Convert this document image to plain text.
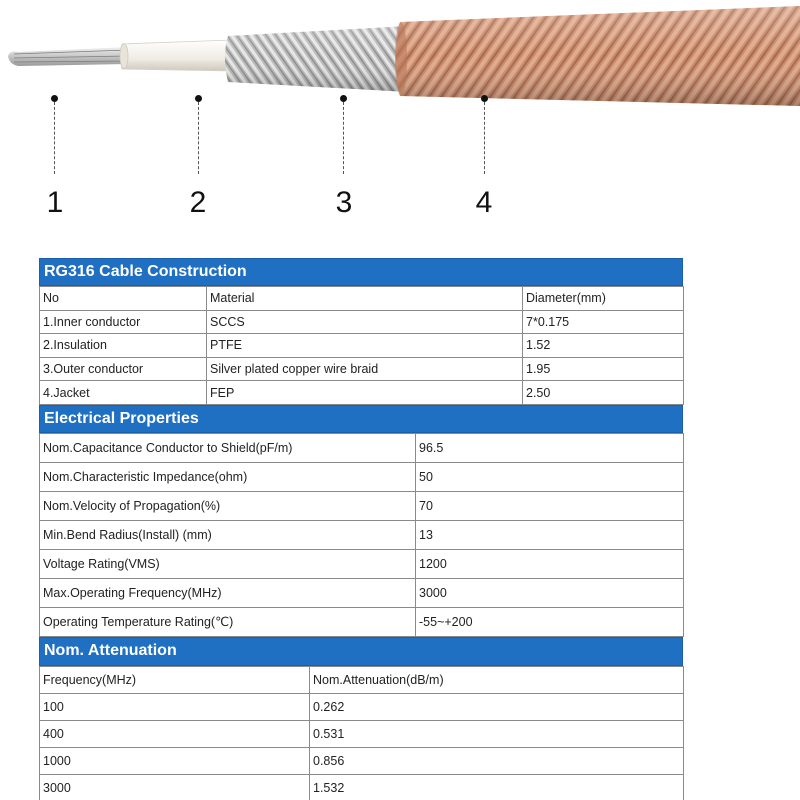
1	2	3	4
RG316 Cable Construction
No	Material	Diameter(mm)
1.Inner conductor	SCCS	7*0.175
2.Insulation	PTFE	1.52
3.Outer conductor	Silver plated copper wire braid	1.95
4.Jacket	FEP	2.50
Electrical Properties
Nom.Capacitance Conductor to Shield(pF/m)	96.5
Nom.Characteristic Impedance(ohm)	50
Nom.Velocity of Propagation(%)	70
Min.Bend Radius(Install) (mm)	13
Voltage Rating(VMS)	1200
Max.Operating Frequency(MHz)	3000
Operating Temperature Rating(℃)	-55~+200
Nom. Attenuation
Frequency(MHz)	Nom.Attenuation(dB/m)
100	0.262
400	0.531
1000	0.856
3000	1.532
